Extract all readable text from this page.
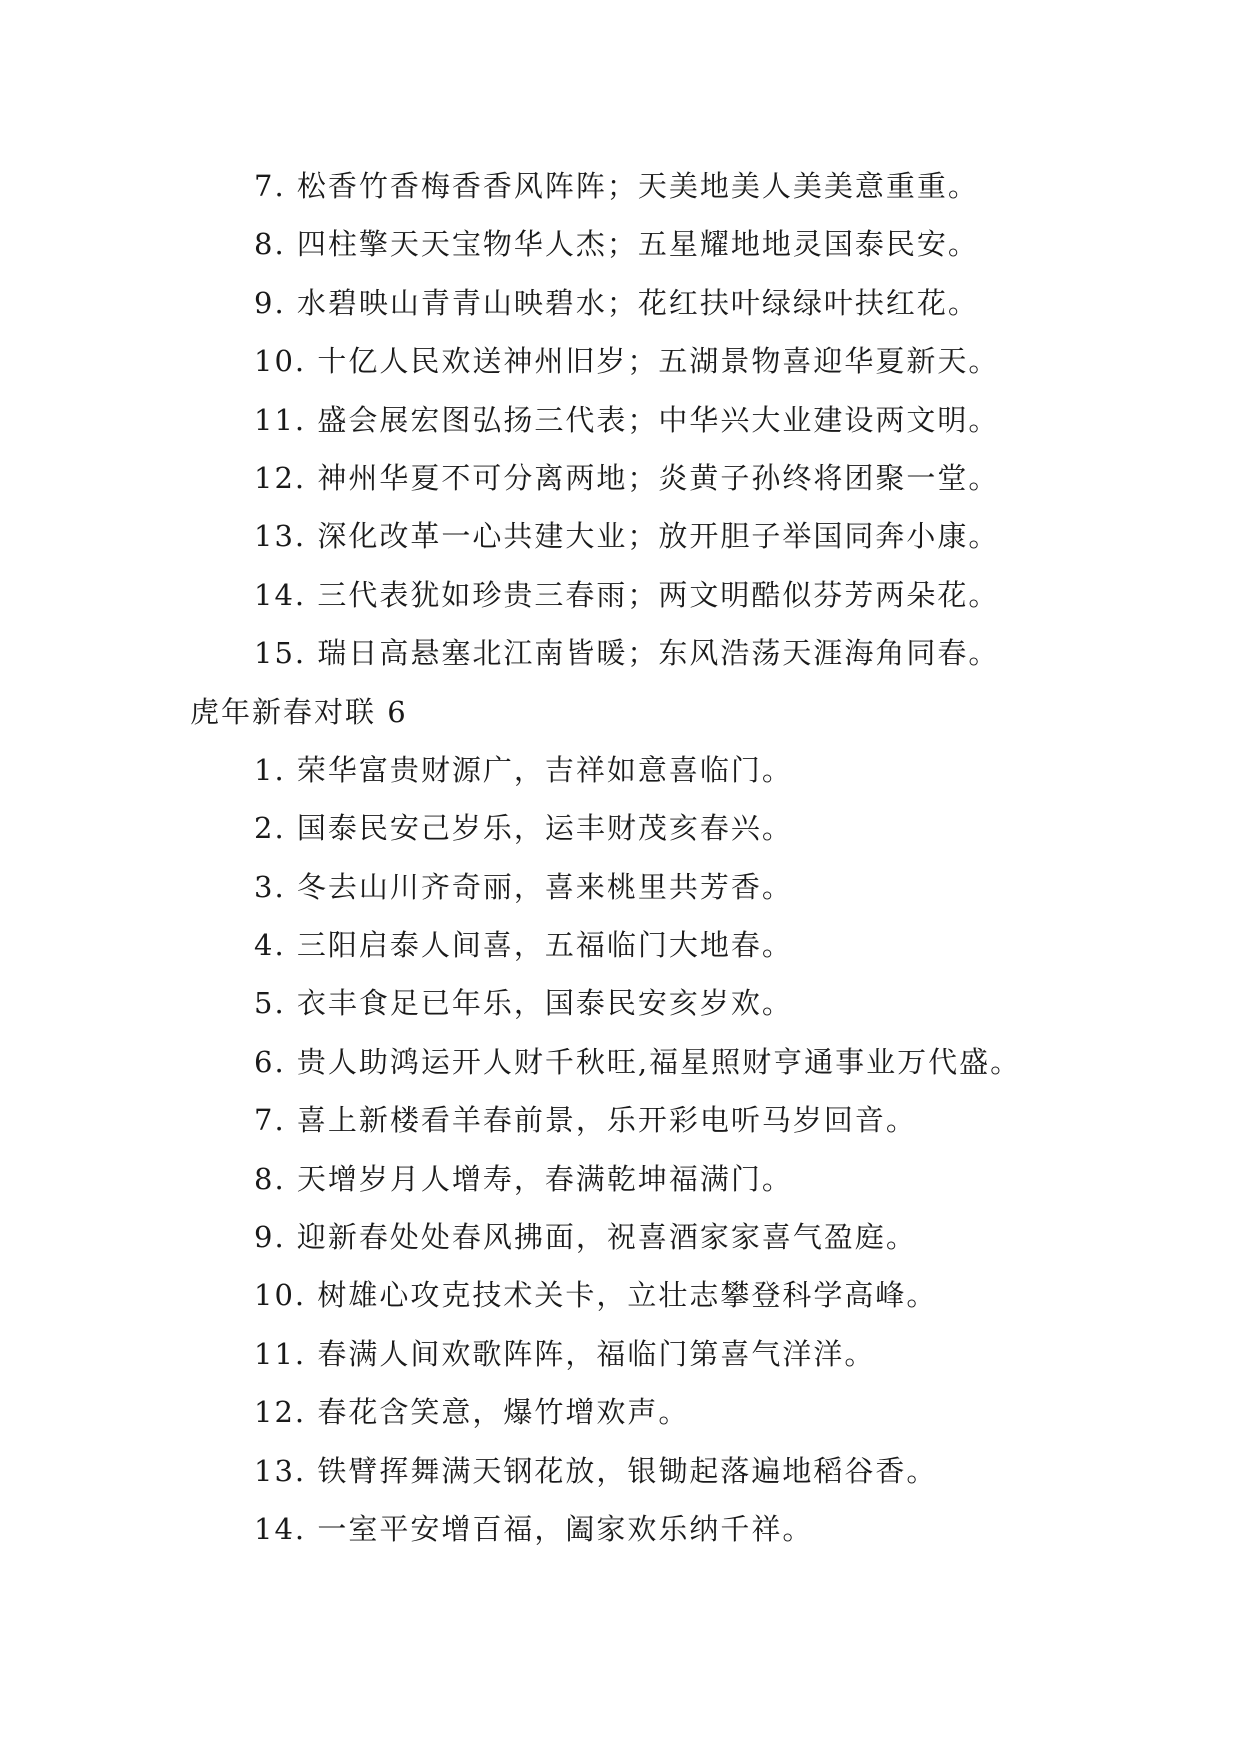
7. 松香竹香梅香香风阵阵；天美地美人美美意重重。
8. 四柱擎天天宝物华人杰；五星耀地地灵国泰民安。
9. 水碧映山青青山映碧水；花红扶叶绿绿叶扶红花。
10. 十亿人民欢送神州旧岁；五湖景物喜迎华夏新天。
11. 盛会展宏图弘扬三代表；中华兴大业建设两文明。
12. 神州华夏不可分离两地；炎黄子孙终将团聚一堂。
13. 深化改革一心共建大业；放开胆子举国同奔小康。
14. 三代表犹如珍贵三春雨；两文明酷似芬芳两朵花。
15. 瑞日高悬塞北江南皆暖；东风浩荡天涯海角同春。
虎年新春对联 6
1. 荣华富贵财源广，吉祥如意喜临门。
2. 国泰民安己岁乐，运丰财茂亥春兴。
3. 冬去山川齐奇丽，喜来桃里共芳香。
4. 三阳启泰人间喜，五福临门大地春。
5. 衣丰食足已年乐，国泰民安亥岁欢。
6. 贵人助鸿运开人财千秋旺,福星照财亨通事业万代盛。
7. 喜上新楼看羊春前景，乐开彩电听马岁回音。
8. 天增岁月人增寿，春满乾坤福满门。
9. 迎新春处处春风拂面，祝喜酒家家喜气盈庭。
10. 树雄心攻克技术关卡，立壮志攀登科学高峰。
11. 春满人间欢歌阵阵，福临门第喜气洋洋。
12. 春花含笑意，爆竹增欢声。
13. 铁臂挥舞满天钢花放，银锄起落遍地稻谷香。
14. 一室平安增百福，阖家欢乐纳千祥。
